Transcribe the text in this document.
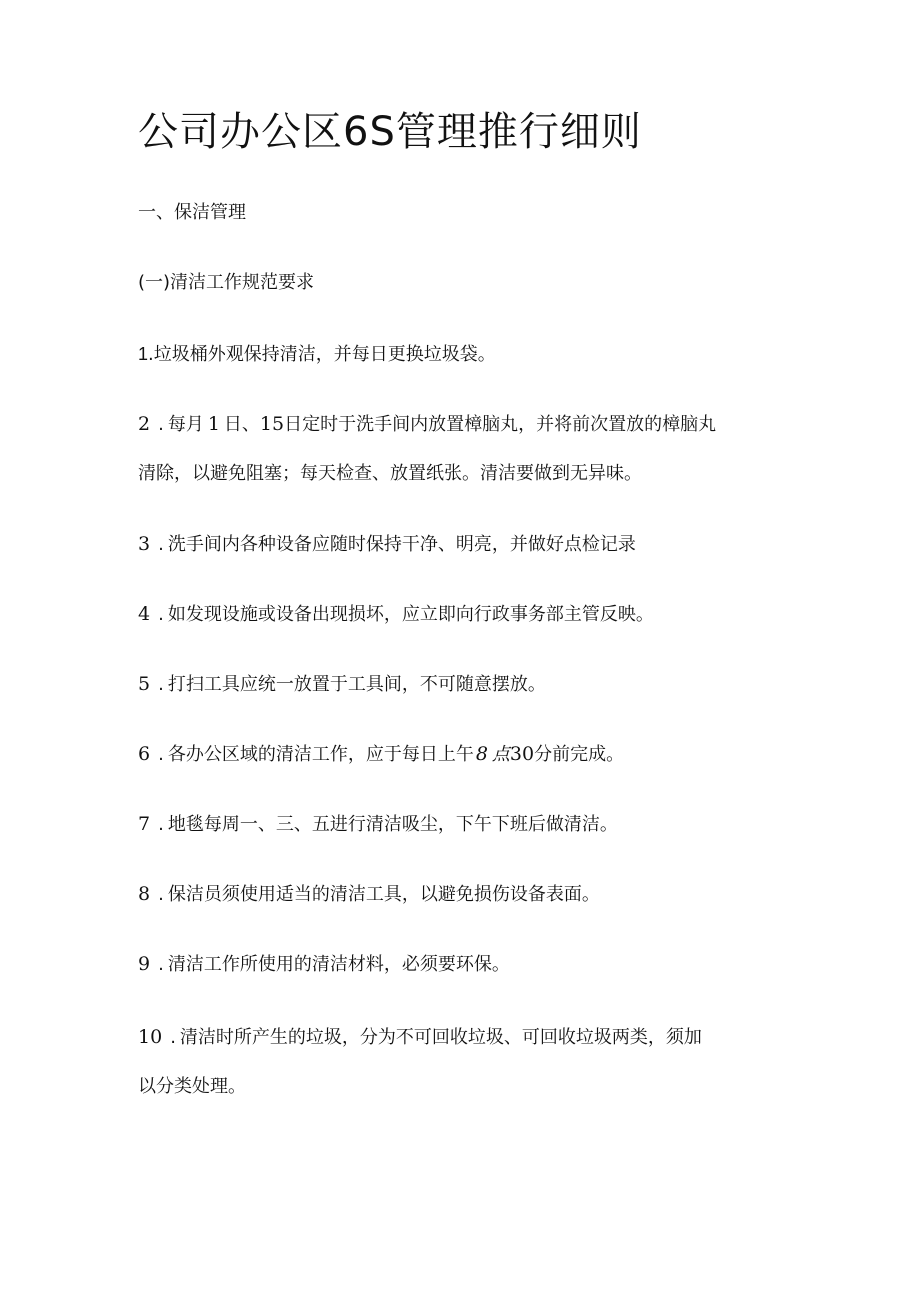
公司办公区6S管理推行细则
一、保洁管理
(一)清洁工作规范要求
1.垃圾桶外观保持清洁，并每日更换垃圾袋。
2 . 每月 1 日、15日定时于洗手间内放置樟脑丸，并将前次置放的樟脑丸
清除，以避免阻塞；每天检查、放置纸张。清洁要做到无异味。
3 . 洗手间内各种设备应随时保持干净、明亮，并做好点检记录
4 . 如发现设施或设备出现损坏，应立即向行政事务部主管反映。
5 . 打扫工具应统一放置于工具间，不可随意摆放。
6 . 各办公区域的清洁工作，应于每日上午 8 点30分前完成。
7 . 地毯每周一、三、五进行清洁吸尘，下午下班后做清洁。
8 . 保洁员须使用适当的清洁工具，以避免损伤设备表面。
9 . 清洁工作所使用的清洁材料，必须要环保。
10 . 清洁时所产生的垃圾，分为不可回收垃圾、可回收垃圾两类，须加
以分类处理。
